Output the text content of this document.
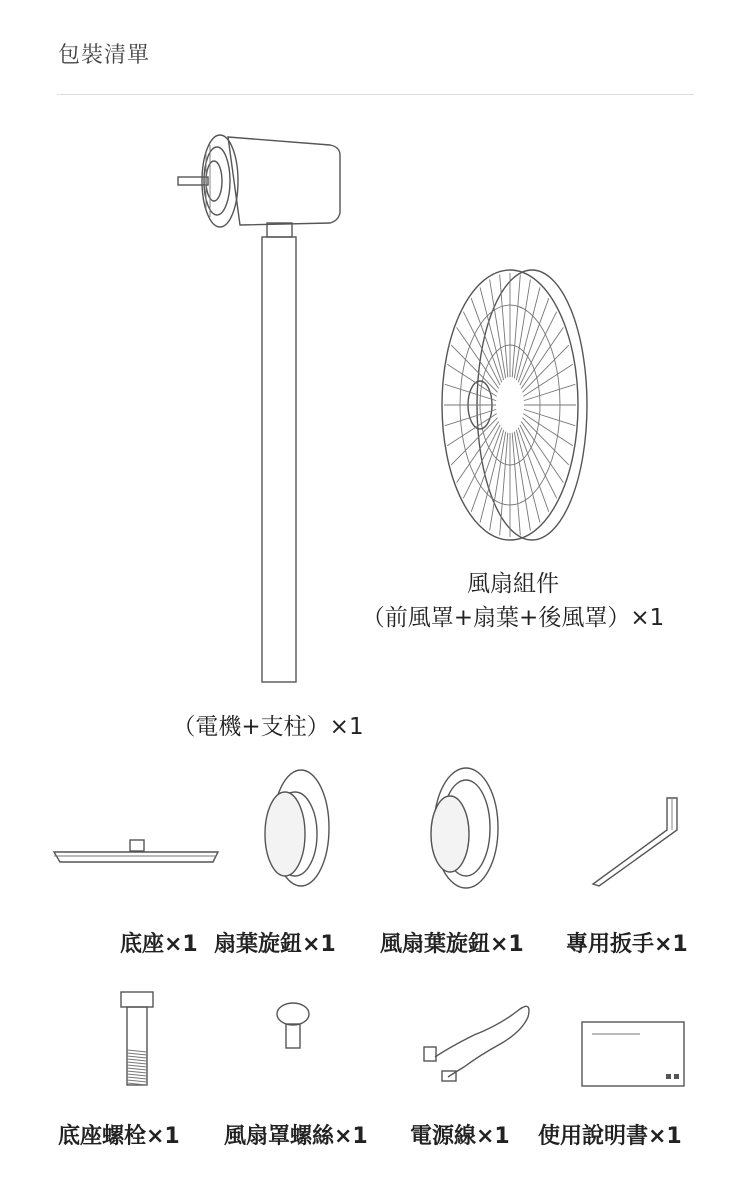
包裝清單
風扇組件
（前風罩+扇葉+後風罩）×1
（電機+支柱）×1
底座×1 扇葉旋鈕×1 風扇葉旋鈕×1 專用扳手×1
底座螺栓×1 風扇罩螺絲×1 電源線×1 使用說明書×1
